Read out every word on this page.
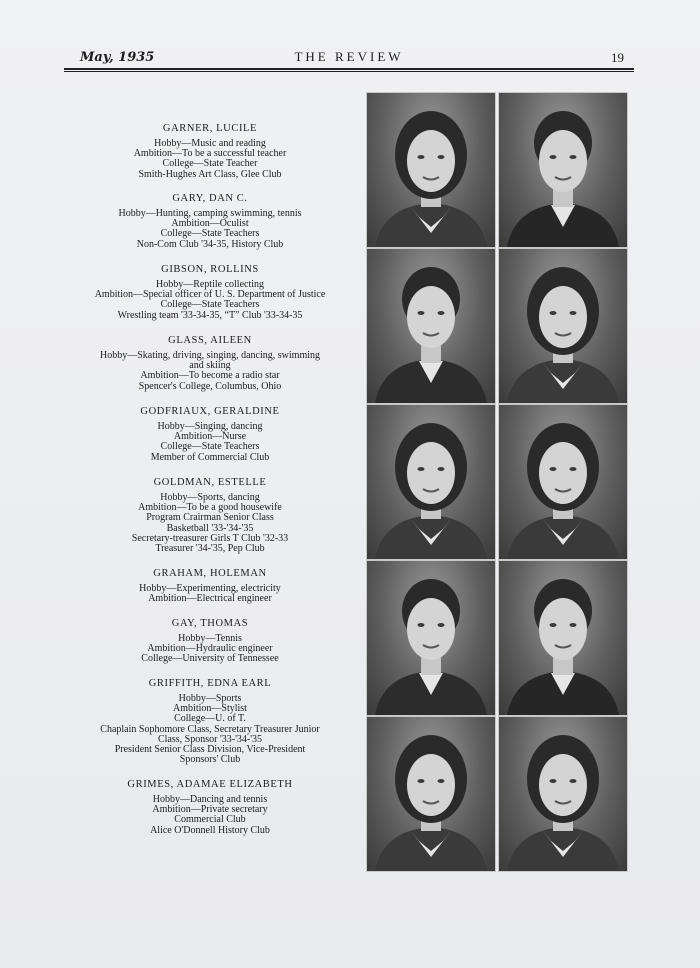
May, 1935	THE REVIEW	19
GARNER, LUCILE
Hobby—Music and reading
Ambition—To be a successful teacher
College—State Teacher
Smith-Hughes Art Class, Glee Club
GARY, DAN C.
Hobby—Hunting, camping swimming, tennis
Ambition—Oculist
College—State Teachers
Non-Com Club '34-35, History Club
GIBSON, ROLLINS
Hobby—Reptile collecting
Ambition—Special officer of U. S. Department of Justice
College—State Teachers
Wrestling team '33-34-35, “T” Club '33-34-35
GLASS, AILEEN
Hobby—Skating, driving, singing, dancing, swimming
and skiing
Ambition—To become a radio star
Spencer's College, Columbus, Ohio
GODFRIAUX, GERALDINE
Hobby—Singing, dancing
Ambition—Nurse
College—State Teachers
Member of Commercial Club
GOLDMAN, ESTELLE
Hobby—Sports, dancing
Ambition—To be a good housewife
Program Crairman Senior Class
Basketball '33-'34-'35
Secretary-treasurer Girls T Club '32-33
Treasurer '34-'35, Pep Club
GRAHAM, HOLEMAN
Hobby—Experimenting, electricity
Ambition—Electrical engineer
GAY, THOMAS
Hobby—Tennis
Ambition—Hydraulic engineer
College—University of Tennessee
GRIFFITH, EDNA EARL
Hobby—Sports
Ambition—Stylist
College—U. of T.
Chaplain Sophomore Class, Secretary Treasurer Junior
Class, Sponsor '33-'34-'35
President Senior Class Division, Vice-President
Sponsors' Club
GRIMES, ADAMAE ELIZABETH
Hobby—Dancing and tennis
Ambition—Private secretary
Commercial Club
Alice O'Donnell History Club
